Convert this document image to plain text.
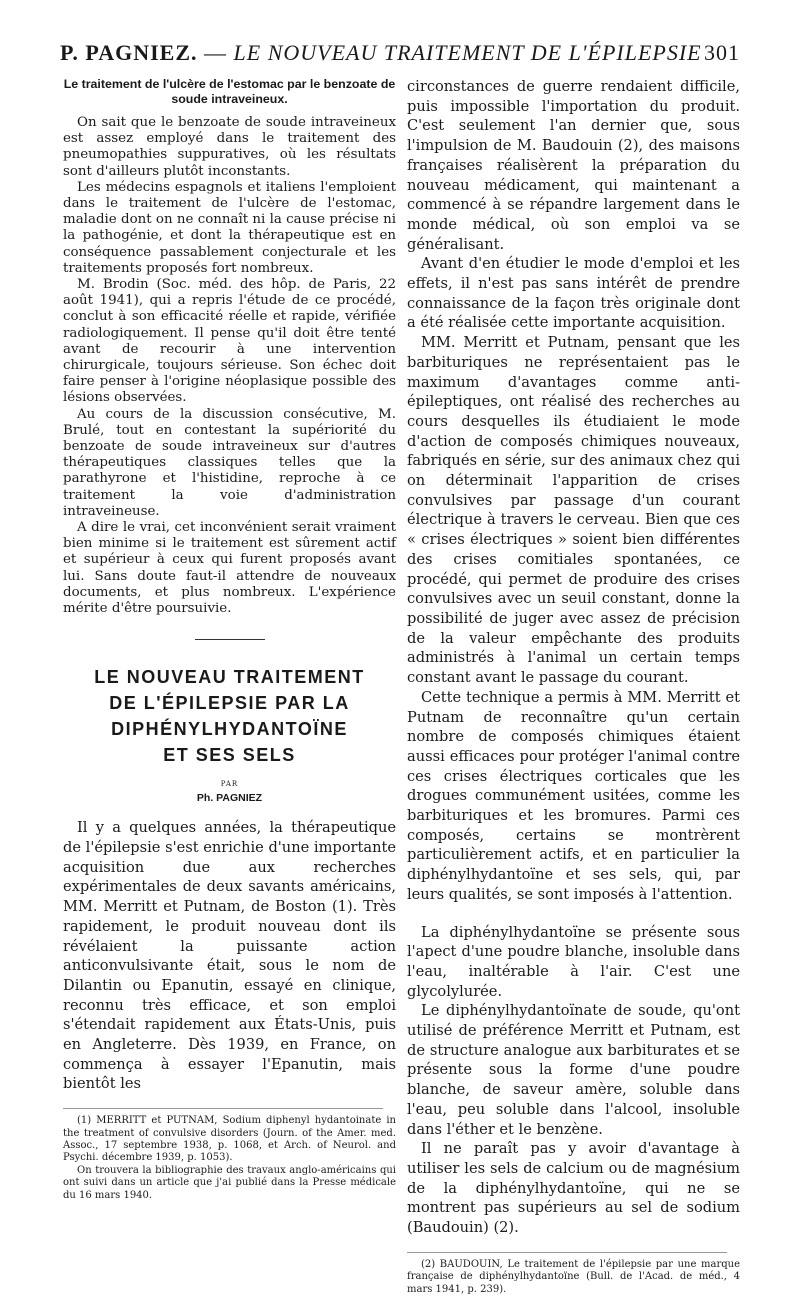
P. PAGNIEZ. — LE NOUVEAU TRAITEMENT DE L'ÉPILEPSIE 301
Le traitement de l'ulcère de l'estomac par le benzoate de soude intraveineux.

On sait que le benzoate de soude intraveineux est assez employé dans le traitement des pneumopathies suppuratives, où les résultats sont d'ailleurs plutôt inconstants.

Les médecins espagnols et italiens l'emploient dans le traitement de l'ulcère de l'estomac, maladie dont on ne connaît ni la cause précise ni la pathogénie, et dont la thérapeutique est en conséquence passablement conjecturale et les traitements proposés fort nombreux.

M. Brodin (Soc. méd. des hôp. de Paris, 22 août 1941), qui a repris l'étude de ce procédé, conclut à son efficacité réelle et rapide, vérifiée radiologiquement. Il pense qu'il doit être tenté avant de recourir à une intervention chirurgicale, toujours sérieuse. Son échec doit faire penser à l'origine néoplasique possible des lésions observées.

Au cours de la discussion consécutive, M. Brulé, tout en contestant la supériorité du benzoate de soude intraveineux sur d'autres thérapeutiques classiques telles que la parathyrone et l'histidine, reproche à ce traitement la voie d'administration intraveineuse.

A dire le vrai, cet inconvénient serait vraiment bien minime si le traitement est sûrement actif et supérieur à ceux qui furent proposés avant lui. Sans doute faut-il attendre de nouveaux documents, et plus nombreux. L'expérience mérite d'être poursuivie.

LE NOUVEAU TRAITEMENT
DE L'ÉPILEPSIE PAR LA
DIPHÉNYLHYDANTOÏNE
ET SES SELS
PAR
Ph. PAGNIEZ

Il y a quelques années, la thérapeutique de l'épilepsie s'est enrichie d'une importante acquisition due aux recherches expérimentales de deux savants américains, MM. Merritt et Putnam, de Boston (1). Très rapidement, le produit nouveau dont ils révélaient la puissante action anticonvulsivante était, sous le nom de Dilantin ou Epanutin, essayé en clinique, reconnu très efficace, et son emploi s'étendait rapidement aux États-Unis, puis en Angleterre. Dès 1939, en France, on commença à essayer l'Epanutin, mais bientôt les

(1) MERRITT et PUTNAM, Sodium diphenyl hydantoinate in the treatment of convulsive disorders (Journ. of the Amer. med. Assoc., 17 septembre 1938, p. 1068, et Arch. of Neurol. and Psychi. décembre 1939, p. 1053).

On trouvera la bibliographie des travaux anglo-américains qui ont suivi dans un article que j'ai publié dans la Presse médicale du 16 mars 1940.

circonstances de guerre rendaient difficile, puis impossible l'importation du produit. C'est seulement l'an dernier que, sous l'impulsion de M. Baudouin (2), des maisons françaises réalisèrent la préparation du nouveau médicament, qui maintenant a commencé à se répandre largement dans le monde médical, où son emploi va se généralisant.

Avant d'en étudier le mode d'emploi et les effets, il n'est pas sans intérêt de prendre connaissance de la façon très originale dont a été réalisée cette importante acquisition.

MM. Merritt et Putnam, pensant que les barbituriques ne représentaient pas le maximum d'avantages comme anti-épileptiques, ont réalisé des recherches au cours desquelles ils étudiaient le mode d'action de composés chimiques nouveaux, fabriqués en série, sur des animaux chez qui on déterminait l'apparition de crises convulsives par passage d'un courant électrique à travers le cerveau. Bien que ces « crises électriques » soient bien différentes des crises comitiales spontanées, ce procédé, qui permet de produire des crises convulsives avec un seuil constant, donne la possibilité de juger avec assez de précision de la valeur empêchante des produits administrés à l'animal un certain temps constant avant le passage du courant.

Cette technique a permis à MM. Merritt et Putnam de reconnaître qu'un certain nombre de composés chimiques étaient aussi efficaces pour protéger l'animal contre ces crises électriques corticales que les drogues communément usitées, comme les barbituriques et les bromures. Parmi ces composés, certains se montrèrent particulièrement actifs, et en particulier la diphénylhydantoïne et ses sels, qui, par leurs qualités, se sont imposés à l'attention.

La diphénylhydantoïne se présente sous l'apect d'une poudre blanche, insoluble dans l'eau, inaltérable à l'air. C'est une glycolylurée.

Le diphénylhydantoïnate de soude, qu'ont utilisé de préférence Merritt et Putnam, est de structure analogue aux barbiturates et se présente sous la forme d'une poudre blanche, de saveur amère, soluble dans l'eau, peu soluble dans l'alcool, insoluble dans l'éther et le benzène.

Il ne paraît pas y avoir d'avantage à utiliser les sels de calcium ou de magnésium de la diphénylhydantoïne, qui ne se montrent pas supérieurs au sel de sodium (Baudouin) (2).

(2) BAUDOUIN, Le traitement de l'épilepsie par une marque française de diphénylhydantoïne (Bull. de l'Acad. de méd., 4 mars 1941, p. 239).
